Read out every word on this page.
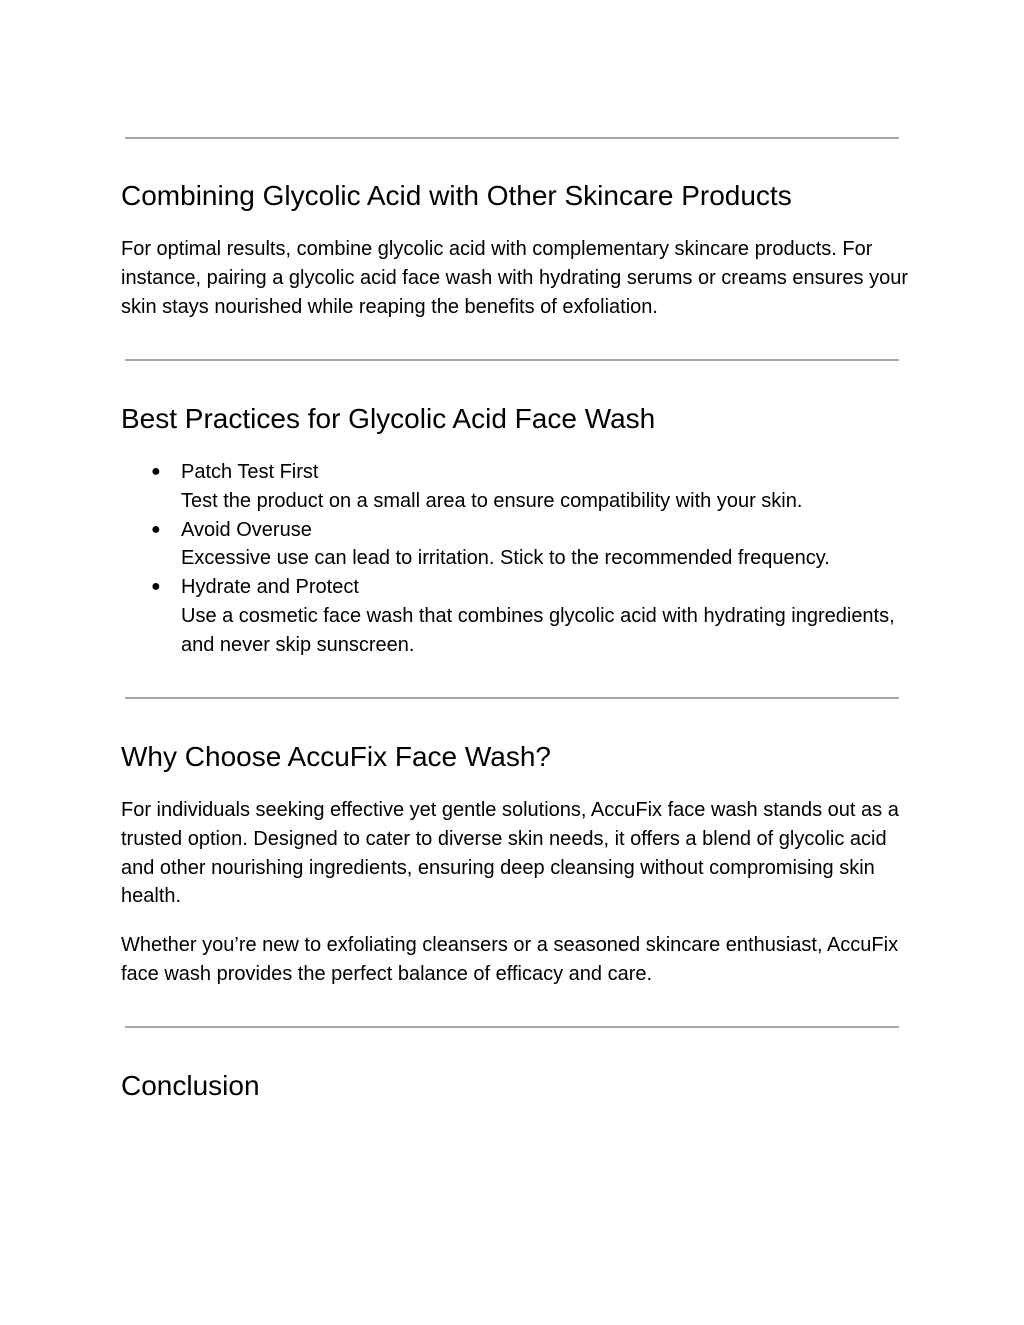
Combining Glycolic Acid with Other Skincare Products

For optimal results, combine glycolic acid with complementary skincare products. For instance, pairing a glycolic acid face wash with hydrating serums or creams ensures your skin stays nourished while reaping the benefits of exfoliation.

Best Practices for Glycolic Acid Face Wash
● Patch Test First
Test the product on a small area to ensure compatibility with your skin.
● Avoid Overuse
Excessive use can lead to irritation. Stick to the recommended frequency.
● Hydrate and Protect
Use a cosmetic face wash that combines glycolic acid with hydrating ingredients, and never skip sunscreen.
Why Choose AccuFix Face Wash?

For individuals seeking effective yet gentle solutions, AccuFix face wash stands out as a trusted option. Designed to cater to diverse skin needs, it offers a blend of glycolic acid and other nourishing ingredients, ensuring deep cleansing without compromising skin health.

Whether you’re new to exfoliating cleansers or a seasoned skincare enthusiast, AccuFix face wash provides the perfect balance of efficacy and care.

Conclusion
